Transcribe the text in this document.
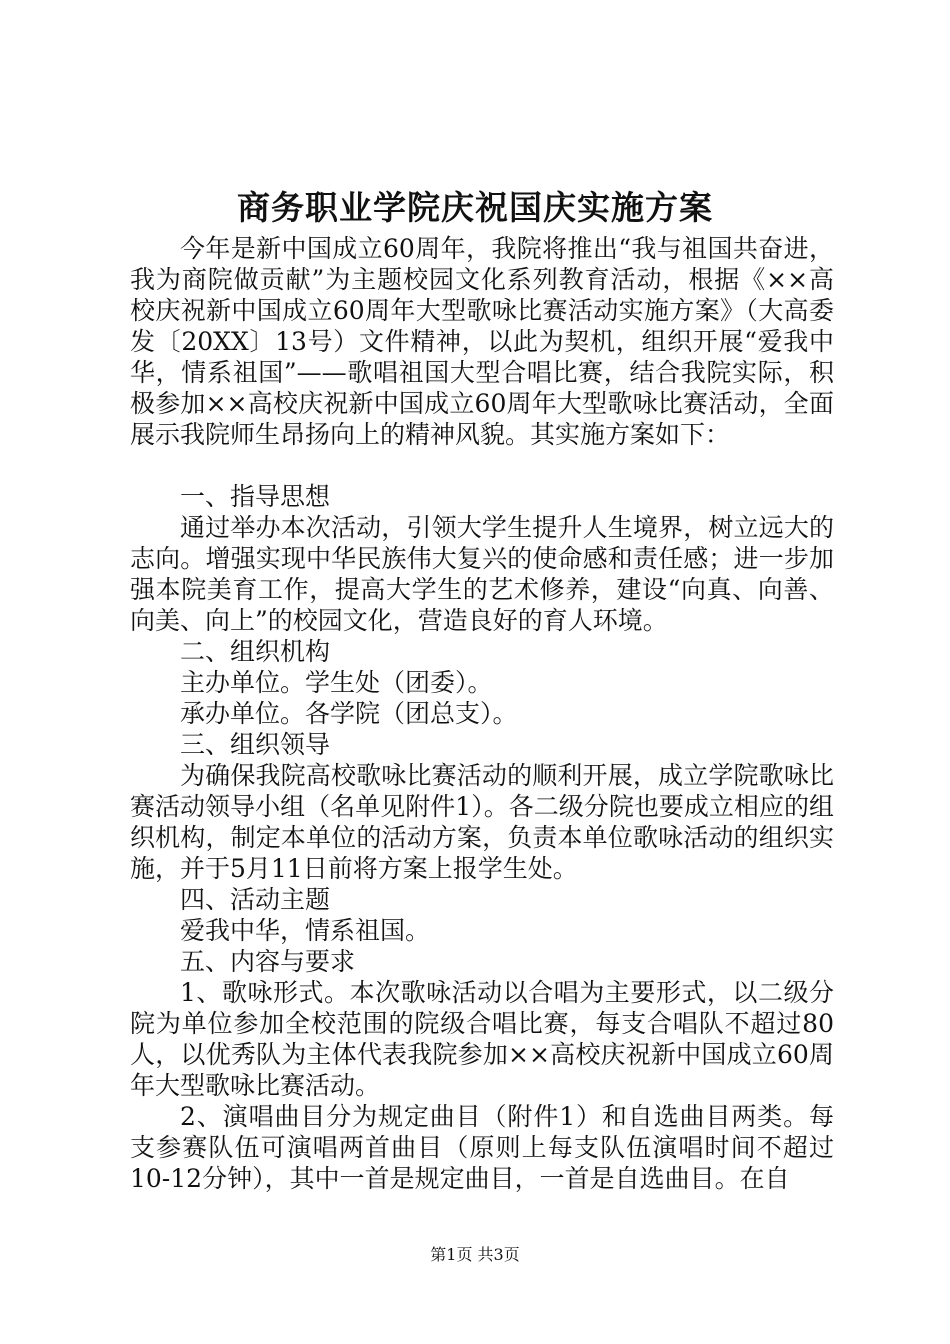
商务职业学院庆祝国庆实施方案

今年是新中国成立60周年，我院将推出“我与祖国共奋进，我为商院做贡献”为主题校园文化系列教育活动，根据《××高校庆祝新中国成立60周年大型歌咏比赛活动实施方案》（大高委发〔20XX〕13号）文件精神，以此为契机，组织开展“爱我中华，情系祖国”——歌唱祖国大型合唱比赛，结合我院实际，积极参加××高校庆祝新中国成立60周年大型歌咏比赛活动，全面展示我院师生昂扬向上的精神风貌。其实施方案如下：

一、指导思想

通过举办本次活动，引领大学生提升人生境界，树立远大的志向。增强实现中华民族伟大复兴的使命感和责任感；进一步加强本院美育工作，提高大学生的艺术修养，建设“向真、向善、向美、向上”的校园文化，营造良好的育人环境。

二、组织机构

主办单位。学生处（团委）。

承办单位。各学院（团总支）。

三、组织领导

为确保我院高校歌咏比赛活动的顺利开展，成立学院歌咏比赛活动领导小组（名单见附件1）。各二级分院也要成立相应的组织机构，制定本单位的活动方案，负责本单位歌咏活动的组织实施，并于5月11日前将方案上报学生处。

四、活动主题

爱我中华，情系祖国。

五、内容与要求

1、歌咏形式。本次歌咏活动以合唱为主要形式，以二级分院为单位参加全校范围的院级合唱比赛，每支合唱队不超过80人，以优秀队为主体代表我院参加××高校庆祝新中国成立60周年大型歌咏比赛活动。

2、演唱曲目分为规定曲目（附件1）和自选曲目两类。每支参赛队伍可演唱两首曲目（原则上每支队伍演唱时间不超过10-12分钟），其中一首是规定曲目，一首是自选曲目。在自

第1页 共3页
